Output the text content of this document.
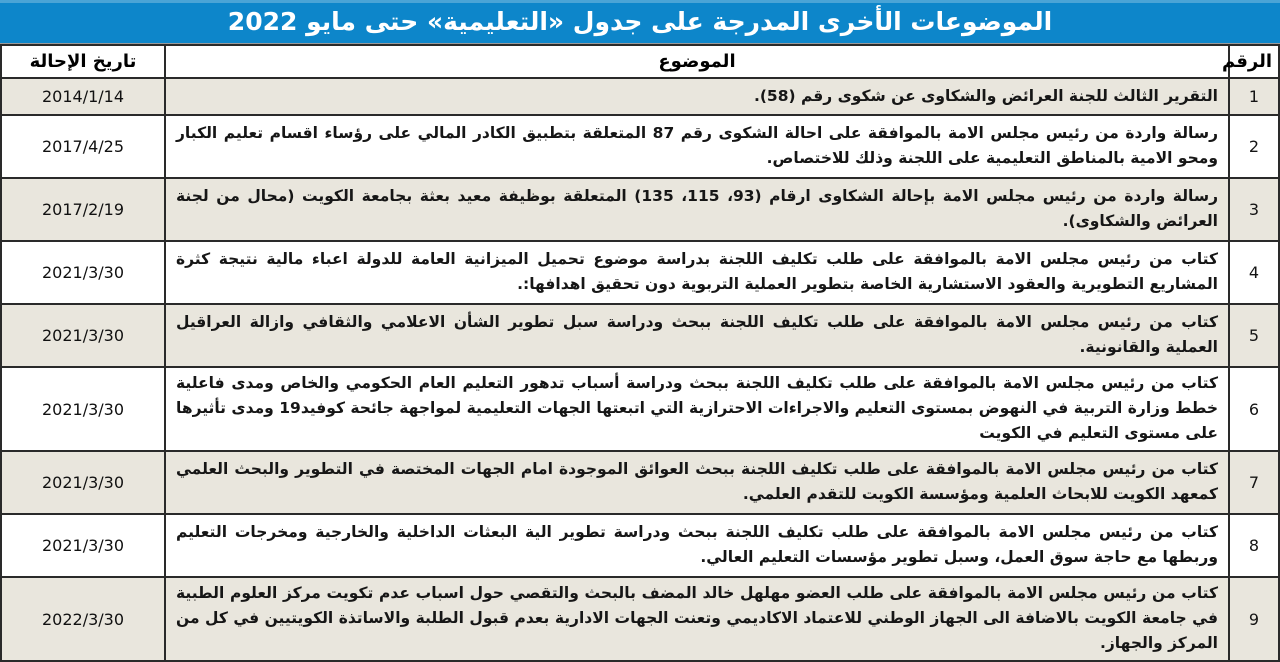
الموضوعات الأخرى المدرجة على جدول «التعليمية» حتى مايو 2022
الرقم	الموضوع	تاريخ الإحالة
1	التقرير الثالث للجنة العرائض والشكاوى عن شكوى رقم (58).	2014/1/14
2	رسالة واردة من رئيس مجلس الامة بالموافقة على احالة الشكوى رقم 87 المتعلقة بتطبيق الكادر المالي على رؤساء اقسام تعليم الكبار ومحو الامية بالمناطق التعليمية على اللجنة وذلك للاختصاص.	2017/4/25
3	رسالة واردة من رئيس مجلس الامة بإحالة الشكاوى ارقام (93، 115، 135) المتعلقة بوظيفة معيد بعثة بجامعة الكويت (محال من لجنة العرائض والشكاوى).	2017/2/19
4	كتاب من رئيس مجلس الامة بالموافقة على طلب تكليف اللجنة بدراسة موضوع تحميل الميزانية العامة للدولة اعباء مالية نتيجة كثرة المشاريع التطويرية والعقود الاستشارية الخاصة بتطوير العملية التربوية دون تحقيق اهدافها:.	2021/3/30
5	كتاب من رئيس مجلس الامة بالموافقة على طلب تكليف اللجنة ببحث ودراسة سبل تطوير الشأن الاعلامي والثقافي وازالة العراقيل العملية والقانونية.	2021/3/30
6	كتاب من رئيس مجلس الامة بالموافقة على طلب تكليف اللجنة ببحث ودراسة أسباب تدهور التعليم العام الحكومي والخاص ومدى فاعلية خطط وزارة التربية في النهوض بمستوى التعليم والاجراءات الاحترازية التي اتبعتها الجهات التعليمية لمواجهة جائحة كوفيد19 ومدى تأثيرها على مستوى التعليم في الكويت	2021/3/30
7	كتاب من رئيس مجلس الامة بالموافقة على طلب تكليف اللجنة ببحث العوائق الموجودة امام الجهات المختصة في التطوير والبحث العلمي كمعهد الكويت للابحاث العلمية ومؤسسة الكويت للتقدم العلمي.	2021/3/30
8	كتاب من رئيس مجلس الامة بالموافقة على طلب تكليف اللجنة ببحث ودراسة تطوير الية البعثات الداخلية والخارجية ومخرجات التعليم وربطها مع حاجة سوق العمل، وسبل تطوير مؤسسات التعليم العالي.	2021/3/30
9	كتاب من رئيس مجلس الامة بالموافقة على طلب العضو مهلهل خالد المضف بالبحث والتقصي حول اسباب عدم تكويت مركز العلوم الطبية في جامعة الكويت بالاضافة الى الجهاز الوطني للاعتماد الاكاديمي وتعنت الجهات الادارية بعدم قبول الطلبة والاساتذة الكويتيين في كل من المركز والجهاز.	2022/3/30
